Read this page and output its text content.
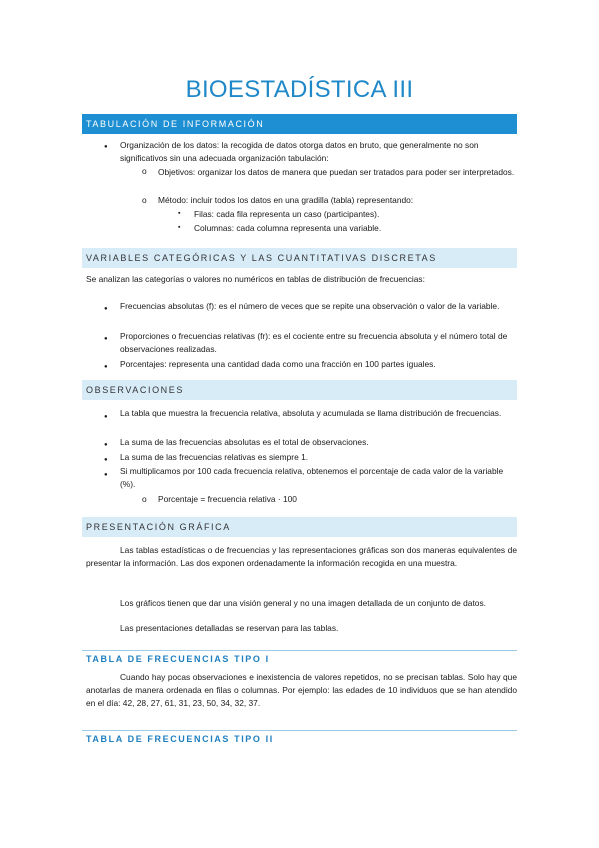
BIOESTADÍSTICA III
TABULACIÓN DE INFORMACIÓN
● Organización de los datos: la recogida de datos otorga datos en bruto, que generalmente no son significativos sin una adecuada organización tabulación:
o Objetivos: organizar los datos de manera que puedan ser tratados para poder ser interpretados.
o Método: incluir todos los datos en una gradilla (tabla) representando:
▪ Filas: cada fila representa un caso (participantes).
▪ Columnas: cada columna representa una variable.
VARIABLES CATEGÓRICAS Y LAS CUANTITATIVAS DISCRETAS
Se analizan las categorías o valores no numéricos en tablas de distribución de frecuencias:
● Frecuencias absolutas (f): es el número de veces que se repite una observación o valor de la variable.
● Proporciones o frecuencias relativas (fr): es el cociente entre su frecuencia absoluta y el número total de observaciones realizadas.
● Porcentajes: representa una cantidad dada como una fracción en 100 partes iguales.
OBSERVACIONES
● La tabla que muestra la frecuencia relativa, absoluta y acumulada se llama distribución de frecuencias.
● La suma de las frecuencias absolutas es el total de observaciones.
● La suma de las frecuencias relativas es siempre 1.
● Si multiplicamos por 100 cada frecuencia relativa, obtenemos el porcentaje de cada valor de la variable (%).
o Porcentaje = frecuencia relativa · 100
PRESENTACIÓN GRÁFICA
Las tablas estadísticas o de frecuencias y las representaciones gráficas son dos maneras equivalentes de presentar la información. Las dos exponen ordenadamente la información recogida en una muestra.
Los gráficos tienen que dar una visión general y no una imagen detallada de un conjunto de datos.
Las presentaciones detalladas se reservan para las tablas.
TABLA DE FRECUENCIAS TIPO I
Cuando hay pocas observaciones e inexistencia de valores repetidos, no se precisan tablas. Solo hay que anotarlas de manera ordenada en filas o columnas. Por ejemplo: las edades de 10 individuos que se han atendido en el día: 42, 28, 27, 61, 31, 23, 50, 34, 32, 37.
TABLA DE FRECUENCIAS TIPO II
